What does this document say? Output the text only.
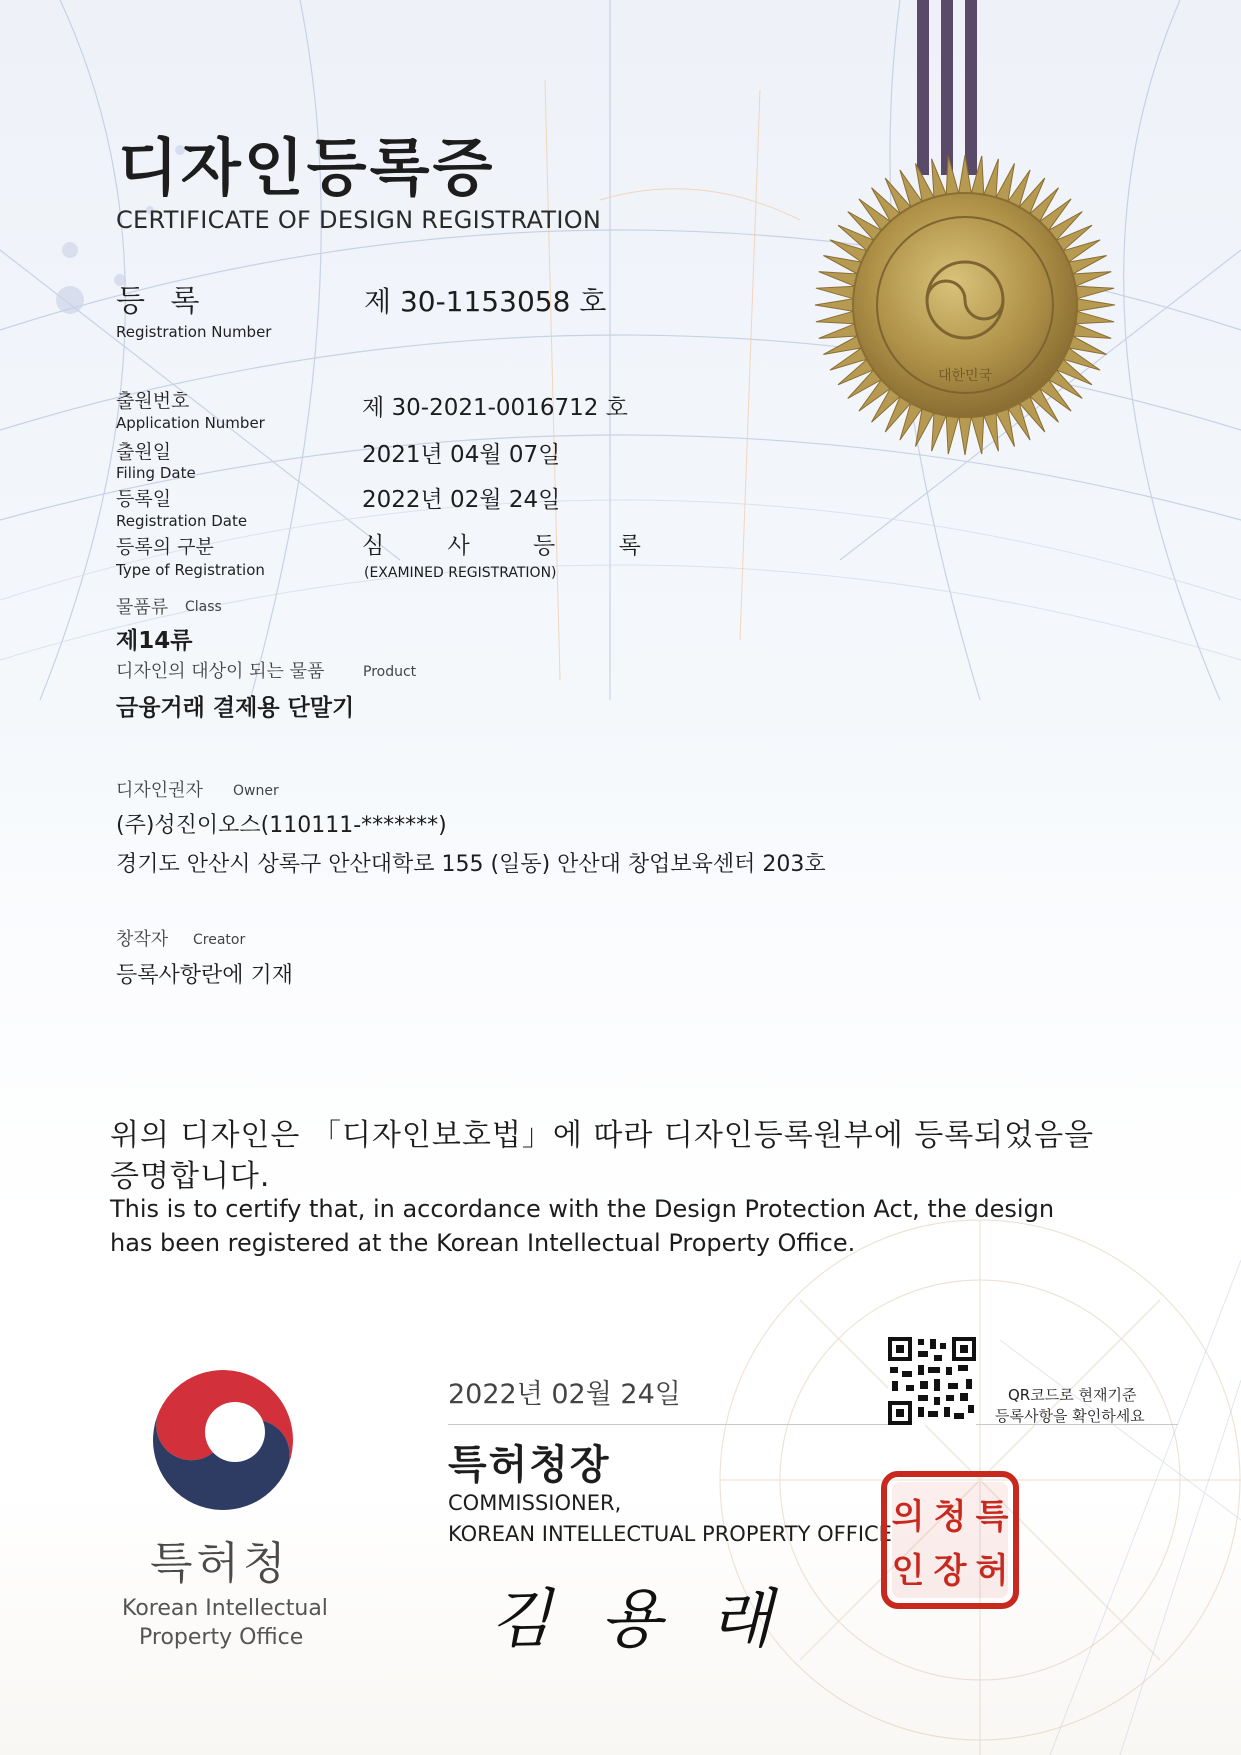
대한민국
디자인등록증
CERTIFICATE OF DESIGN REGISTRATION
등 록
Registration Number
제 30-1153058 호
출원번호
Application Number
제 30-2021-0016712 호
출원일
Filing Date
2021년 04월 07일
등록일
Registration Date
2022년 02월 24일
등록의 구분
Type of Registration
심 사 등 록
(EXAMINED REGISTRATION)
물품류 Class
제14류
디자인의 대상이 되는 물품	Product
금융거래 결제용 단말기
디자인권자 Owner
(주)성진이오스(110111-*******)
경기도 안산시 상록구 안산대학로 155 (일동) 안산대 창업보육센터 203호
창작자 Creator
등록사항란에 기재
위의 디자인은 「디자인보호법」에 따라 디자인등록원부에 등록되었음을
증명합니다.
This is to certify that, in accordance with the Design Protection Act, the design
has been registered at the Korean Intellectual Property Office.
특허청
Korean Intellectual
Property Office
2022년 02월 24일
특허청장
COMMISSIONER,
KOREAN INTELLECTUAL PROPERTY OFFICE
김 용 래
QR코드로 현재기준
등록사항을 확인하세요
특
허
청
장
의
인
